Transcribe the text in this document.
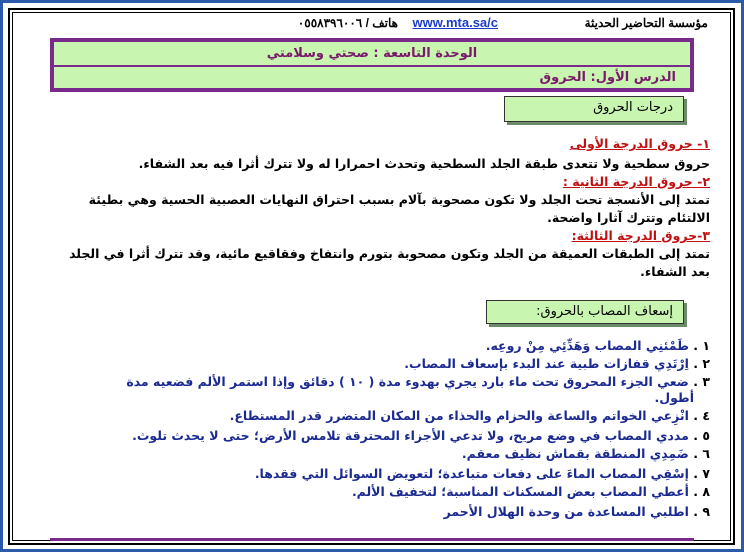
مؤسسة التحاضير الحديثة
www.mta.sa/c
هاتف / ٠٥٥٨٣٩٦٠٠٦
الوحدة التاسعة : صحتي وسلامتي
الدرس الأول: الحروق
درجات الحروق
١- حروق الدرجة الأولى
حروق سطحية ولا تتعدى طبقة الجلد السطحية وتحدث احمرارا له ولا تترك أثرا فيه بعد الشفاء.
٢- حروق الدرجة الثانية :
تمتد إلى الأنسجة تحت الجلد ولا تكون مصحوبة بآلام بسبب احتراق النهايات العصبية الحسية وهي بطيئة
الالتئام وتترك آثارا واضحة.
٣-حروق الدرجة الثالثة:
تمتد إلى الطبقات العميقة من الجلد وتكون مصحوبة بتورم وانتفاخ وفقاقيع مائية، وقد تترك أثرا في الجلد
بعد الشفاء.
إسعاف المصاب بالحروق:
١ . طَمْئنِي المصاب وَهَدِّئِي مِنْ روعِه.
٢ . اِرْتَدِي قفازات طبية عند البدء بإسعاف المصاب.
٣ . ضعي الجزء المحروق تحت ماء بارد يجري بهدوء مدة ( ١٠ ) دقائق وإذا استمر الألم فضعيه مدة
أطول.
٤ . انْزِعي الخواتم والساعة والحزام والحذاء من المكان المتضرر قدر المستطاع.
٥ . مددي المصاب في وضع مريح، ولا تدعي الأجزاء المحترقة تلامس الأرض؛ حتى لا يحدث تلوث.
٦ . ضَمِدِي المنطقة بقماش نظيف معقم.
٧ . إسْقِي المصاب الماءَ على دفعات متباعدة؛ لتعويض السوائل التي فقدها.
٨ . أعطي المصاب بعض المسكنات المناسبة؛ لتخفيف الألم.
٩ . اطلبي المساعدة من وحدة الهلال الأحمر
